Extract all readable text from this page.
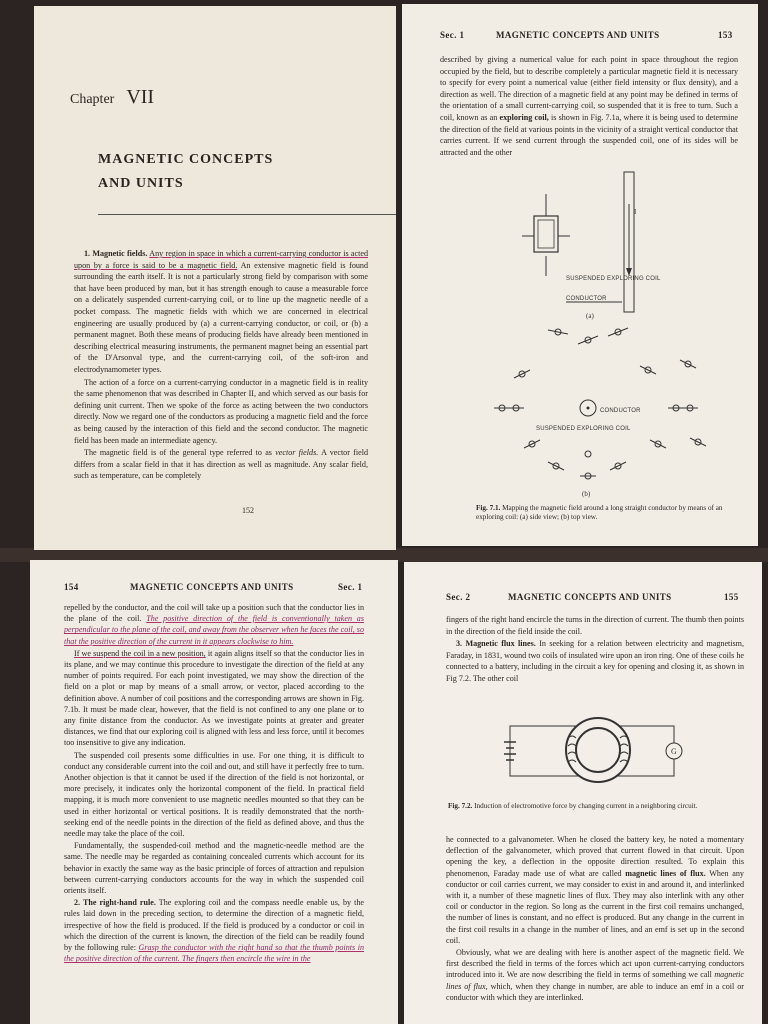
Chapter VII
MAGNETIC CONCEPTS
AND UNITS

1. Magnetic fields. Any region in space in which a current-carrying conductor is acted upon by a force is said to be a magnetic field. An extensive magnetic field is found surrounding the earth itself. It is not a particularly strong field by comparison with some that have been produced by man, but it has strength enough to cause a measurable force on a delicately suspended current-carrying coil, or to line up the magnetic needle of a pocket compass. The magnetic fields with which we are concerned in electrical engineering are usually produced by (a) a current-carrying conductor, or coil, or (b) a permanent magnet. Both these means of producing fields have already been mentioned in describing electrical measuring instruments, the permanent magnet being an essential part of the D'Arsonval type, and the current-carrying coil, of the soft-iron and electrodynamometer types.

The action of a force on a current-carrying conductor in a magnetic field is in reality the same phenomenon that was described in Chapter II, and which served as our basis for defining unit current. Then we spoke of the force as acting between the two conductors directly. Now we regard one of the conductors as producing a magnetic field and the force as being caused by the interaction of this field and the second conductor. The magnetic field has been made an intermediate agency.

The magnetic field is of the general type referred to as vector fields. A vector field differs from a scalar field in that it has direction as well as magnitude. Any scalar field, such as temperature, can be completely

152
Sec. 1	MAGNETIC CONCEPTS AND UNITS	153

described by giving a numerical value for each point in space throughout the region occupied by the field, but to describe completely a particular magnetic field it is necessary to specify for every point a numerical value (either field intensity or flux density), and a direction as well. The direction of a magnetic field at any point may be defined in terms of the orientation of a small current-carrying coil, so suspended that it is free to turn. Such a coil, known as an exploring coil, is shown in Fig. 7.1a, where it is being used to determine the direction of the field at various points in the vicinity of a straight vertical conductor that carries current. If we send current through the suspended coil, one of its sides will be attracted and the other

I
SUSPENDED EXPLORING COIL
CONDUCTOR
(a)
CONDUCTOR
SUSPENDED EXPLORING COIL
(b)
Fig. 7.1. Mapping the magnetic field around a long straight conductor by means of an exploring coil: (a) side view; (b) top view.
154	MAGNETIC CONCEPTS AND UNITS	Sec. 1

repelled by the conductor, and the coil will take up a position such that the conductor lies in the plane of the coil. The positive direction of the field is conventionally taken as perpendicular to the plane of the coil, and away from the observer when he faces the coil, so that the positive direction of the current in it appears clockwise to him.

If we suspend the coil in a new position, it again aligns itself so that the conductor lies in its plane, and we may continue this procedure to investigate the direction of the field at any number of points required. For each point investigated, we may show the direction of the field on a plot or map by means of a small arrow, or vector, placed according to the definition above. A number of coil positions and the corresponding arrows are shown in Fig. 7.1b. It must be made clear, however, that the field is not confined to any one plane or to any finite distance from the conductor. As we investigate points at greater and greater distances, we find that our exploring coil is aligned with less and less force, until it becomes too insensitive to give any indication.

The suspended coil presents some difficulties in use. For one thing, it is difficult to conduct any considerable current into the coil and out, and still have it perfectly free to turn. Another objection is that it cannot be used if the direction of the field is not horizontal, or more precisely, it indicates only the horizontal component of the field. In practical field mapping, it is much more convenient to use magnetic needles mounted so that they can be used in either horizontal or vertical positions. It is readily demonstrated that the north-seeking end of the needle points in the direction of the field as defined above, and thus the needle may take the place of the coil.

Fundamentally, the suspended-coil method and the magnetic-needle method are the same. The needle may be regarded as containing concealed currents which account for its behavior in exactly the same way as the basic principle of forces of attraction and repulsion between current-carrying conductors accounts for the way in which the suspended coil orients itself.

2. The right-hand rule. The exploring coil and the compass needle enable us, by the rules laid down in the preceding section, to determine the direction of a magnetic field, irrespective of how the field is produced. If the field is produced by a conductor or coil in which the direction of the current is known, the direction of the field can be readily found by the following rule: Grasp the conductor with the right hand so that the thumb points in the positive direction of the current. The fingers then encircle the wire in the

Sec. 2	MAGNETIC CONCEPTS AND UNITS	155

fingers of the right hand encircle the turns in the direction of current. The thumb then points in the direction of the field inside the coil.

3. Magnetic flux lines. In seeking for a relation between electricity and magnetism, Faraday, in 1831, wound two coils of insulated wire upon an iron ring. One of these coils he connected to a battery, including in the circuit a key for opening and closing it, as shown in Fig 7.2. The other coil

G
Fig. 7.2. Induction of electromotive force by changing current in a neighboring circuit.

he connected to a galvanometer. When he closed the battery key, he noted a momentary deflection of the galvanometer, which proved that current flowed in that circuit. Upon opening the key, a deflection in the opposite direction resulted. To explain this phenomenon, Faraday made use of what are called magnetic lines of flux. When any conductor or coil carries current, we may consider to exist in and around it, and interlinked with it, a number of these magnetic lines of flux. They may also interlink with any other coil or conductor in the region. So long as the current in the first coil remains unchanged, the number of lines is constant, and no effect is produced. But any change in the current in the first coil results in a change in the number of lines, and an emf is set up in the second coil.

Obviously, what we are dealing with here is another aspect of the magnetic field. We first described the field in terms of the forces which act upon current-carrying conductors introduced into it. We are now describing the field in terms of something we call magnetic lines of flux, which, when they change in number, are able to induce an emf in a coil or conductor with which they are interlinked.
